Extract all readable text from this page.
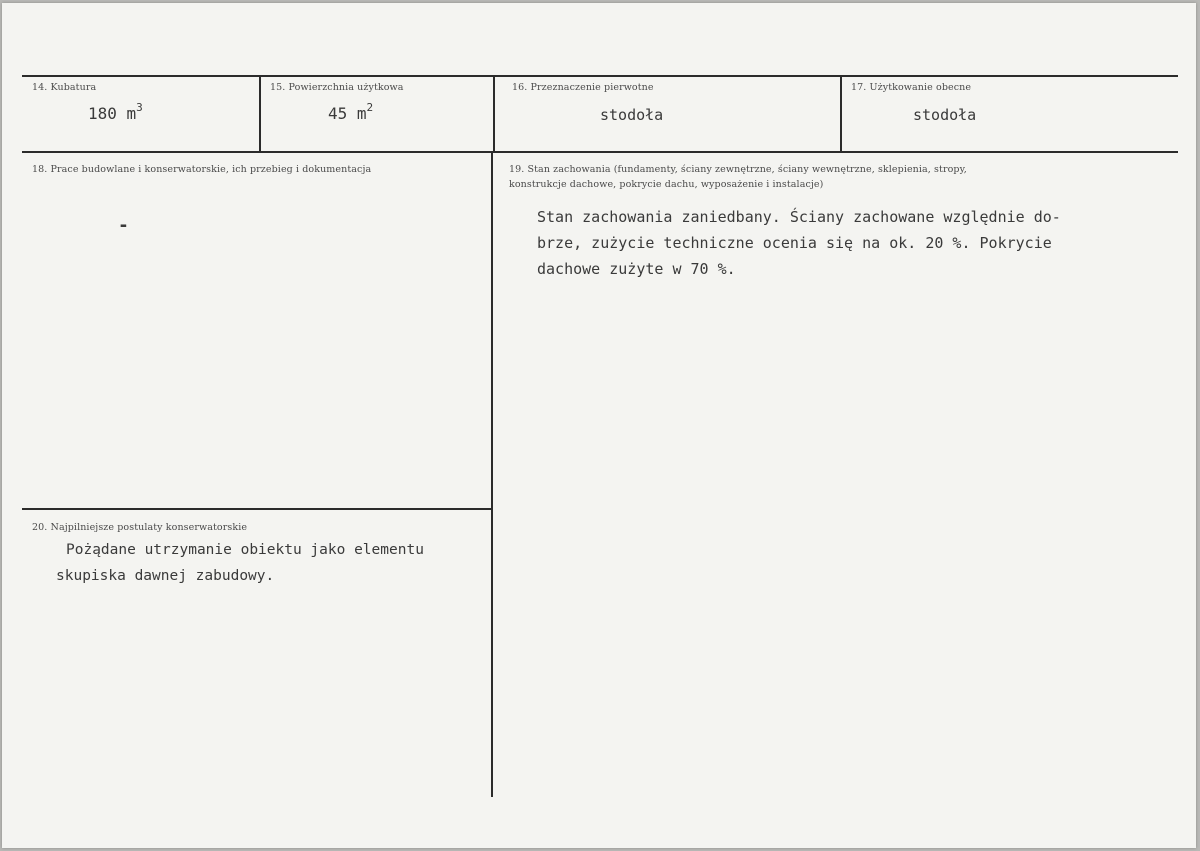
14. Kubatura
180 $m^3$
15. Powierzchnia użytkowa
45 $m^2$
16. Przeznaczenie pierwotne
stodoła
17. Użytkowanie obecne
stodoła
18. Prace budowlane i konserwatorskie, ich przebieg i dokumentacja
-
19. Stan zachowania (fundamenty, ściany zewnętrzne, ściany wewnętrzne, sklepienia, stropy,
konstrukcje dachowe, pokrycie dachu, wyposażenie i instalacje)
Stan zachowania zaniedbany. Ściany zachowane względnie do-
brze, zużycie techniczne ocenia się na ok. 20 %. Pokrycie
dachowe zużyte w 70 %.
20. Najpilniejsze postulaty konserwatorskie
Pożądane utrzymanie obiektu jako elementu
skupiska dawnej zabudowy.
